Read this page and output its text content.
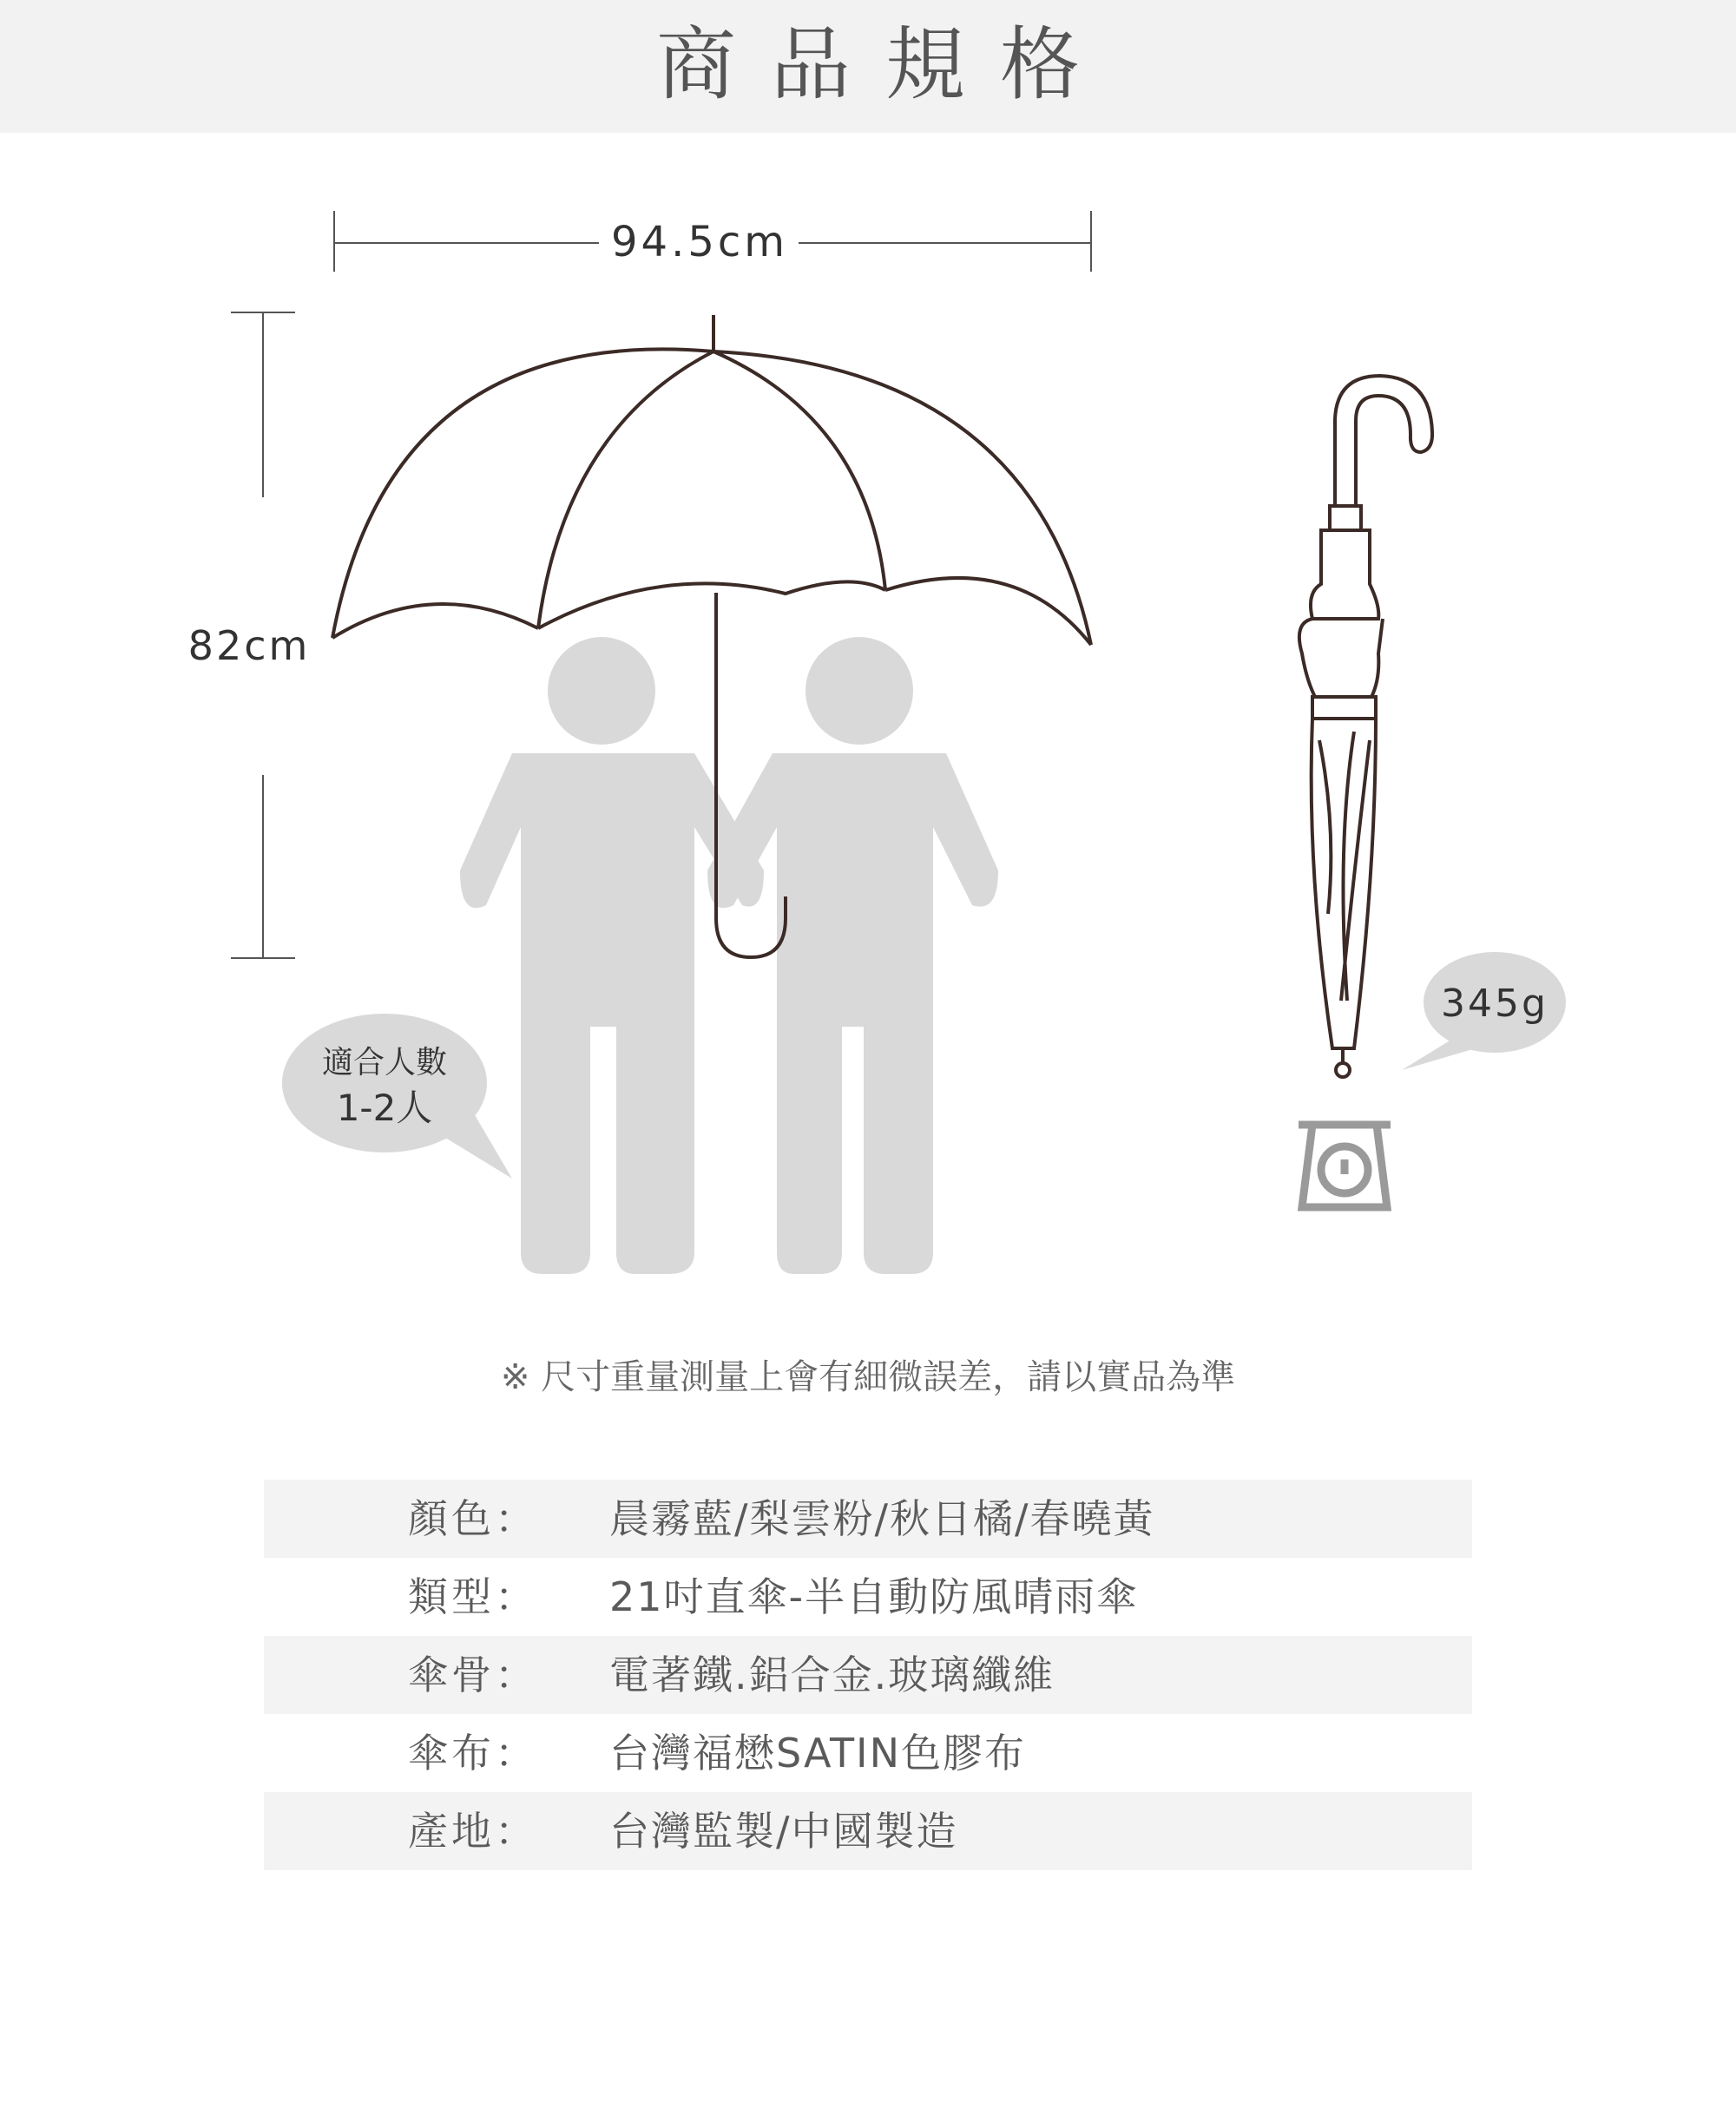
商品規格
94.5cm
82cm
適合人數
1-2人
345g
※ 尺寸重量測量上會有細微誤差，請以實品為準
顏色： 晨霧藍/梨雲粉/秋日橘/春曉黃
類型： 21吋直傘-半自動防風晴雨傘
傘骨： 電著鐵.鋁合金.玻璃纖維
傘布： 台灣福懋SATIN色膠布
產地： 台灣監製/中國製造
